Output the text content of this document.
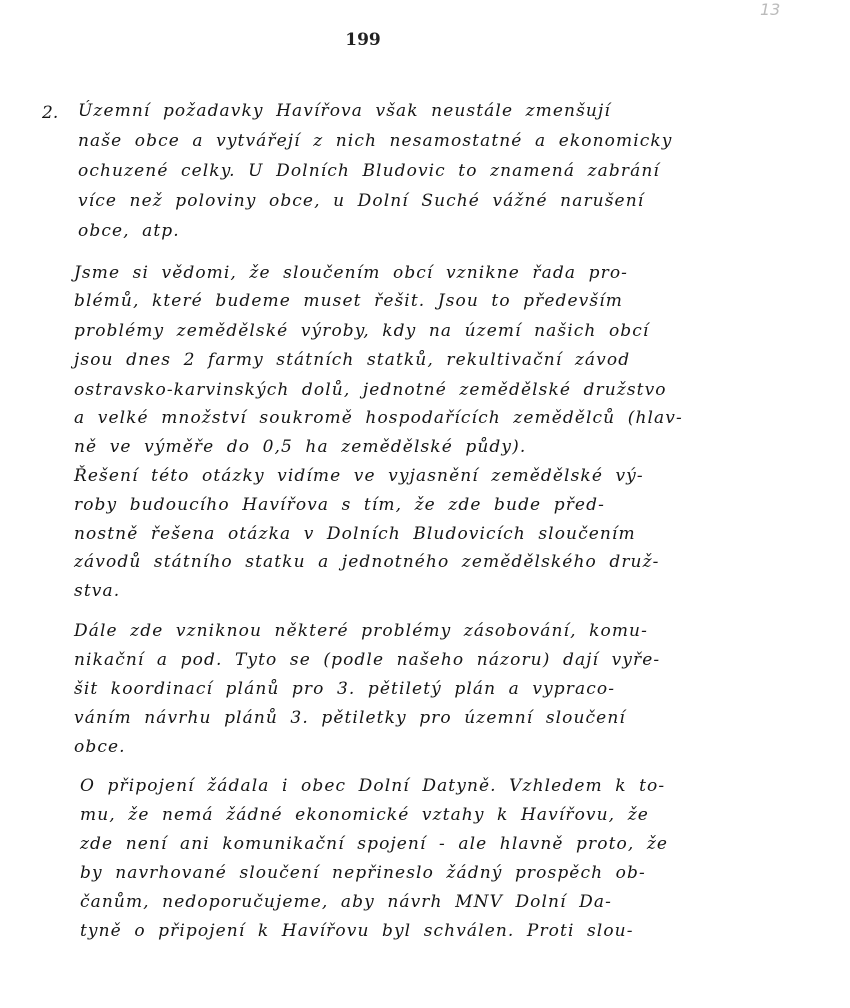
13
199
2. Územní požadavky Havířova však neustále zmenšují
naše obce a vytvářejí z nich nesamostatné a ekonomicky
ochuzené celky. U Dolních Bludovic to znamená zabrání
více než poloviny obce, u Dolní Suché vážné narušení
obce, atp.
Jsme si vědomi, že sloučením obcí vznikne řada pro-
blémů, které budeme muset řešit. Jsou to především
problémy zemědělské výroby, kdy na území našich obcí
jsou dnes 2 farmy státních statků, rekultivační závod
ostravsko-karvinských dolů, jednotné zemědělské družstvo
a velké množství soukromě hospodařících zemědělců (hlav-
ně ve výměře do 0,5 ha zemědělské půdy).
Řešení této otázky vidíme ve vyjasnění zemědělské vý-
roby budoucího Havířova s tím, že zde bude před-
nostně řešena otázka v Dolních Bludovicích sloučením
závodů státního statku a jednotného zemědělského druž-
stva.
Dále zde vzniknou některé problémy zásobování, komu-
nikační a pod. Tyto se (podle našeho názoru) dají vyře-
šit koordinací plánů pro 3. pětiletý plán a vypraco-
váním návrhu plánů 3. pětiletky pro územní sloučení
obce.
O připojení žádala i obec Dolní Datyně. Vzhledem k to-
mu, že nemá žádné ekonomické vztahy k Havířovu, že
zde není ani komunikační spojení - ale hlavně proto, že
by navrhované sloučení nepřineslo žádný prospěch ob-
čanům, nedoporučujeme, aby návrh MNV Dolní Da-
tyně o připojení k Havířovu byl schválen. Proti slou-
